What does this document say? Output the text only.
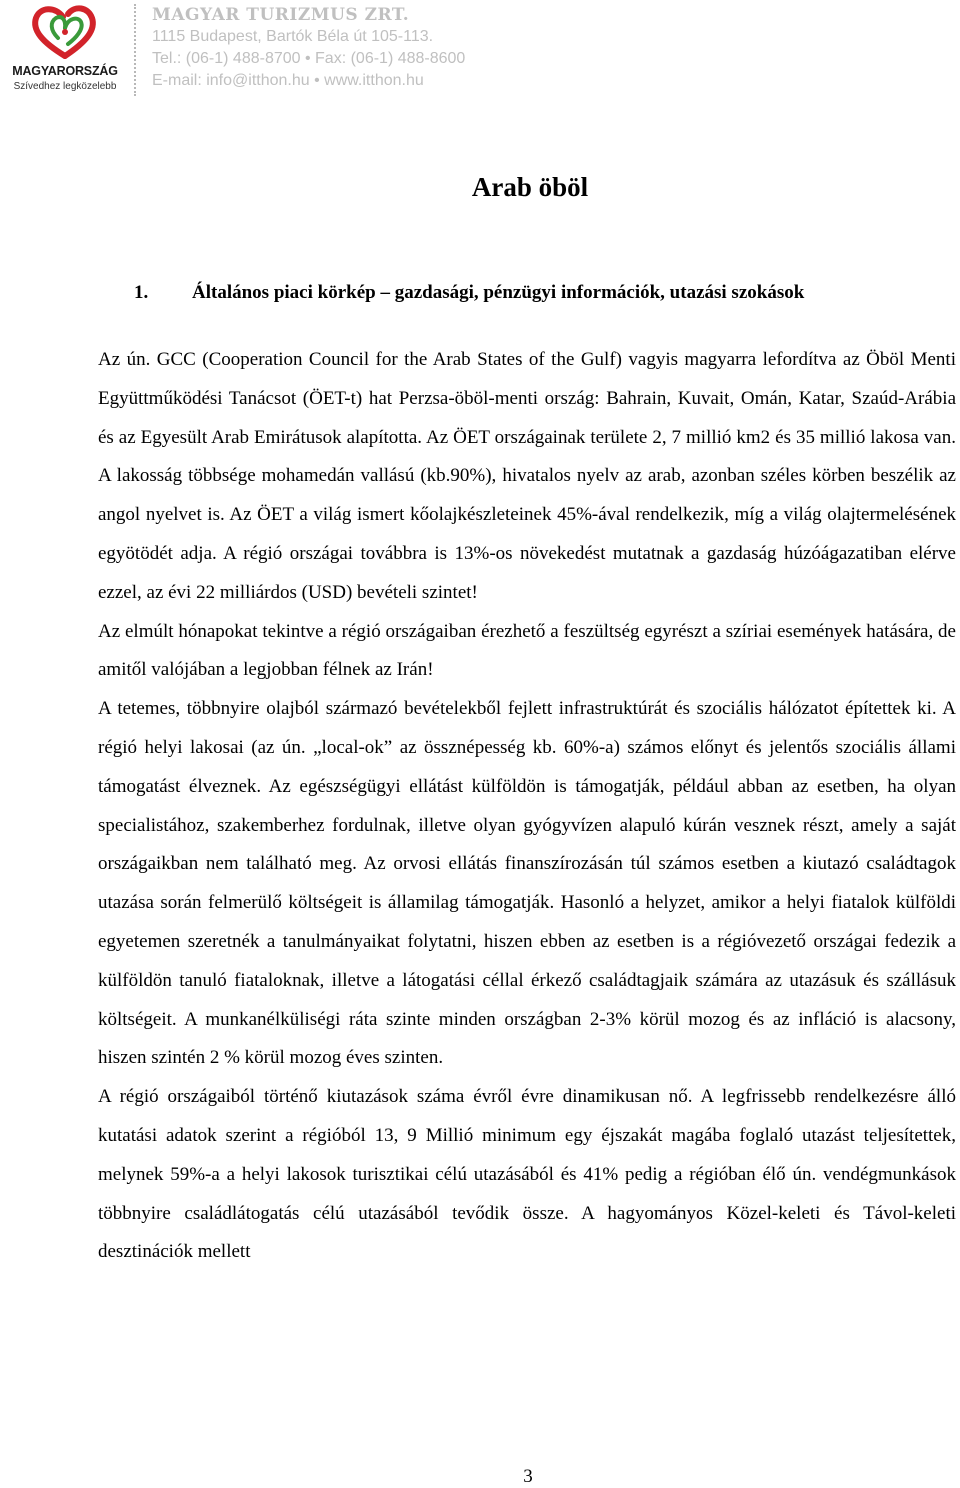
MAGYARORSZÁG
Szívedhez legközelebb
MAGYAR TURIZMUS ZRT.
1115 Budapest, Bartók Béla út 105-113.
Tel.: (06-1) 488-8700 • Fax: (06-1) 488-8600
E-mail: info@itthon.hu • www.itthon.hu
Arab öböl
1. Általános piaci körkép – gazdasági, pénzügyi információk, utazási szokások

Az ún. GCC (Cooperation Council for the Arab States of the Gulf) vagyis magyarra lefordítva az Öböl Menti Együttműködési Tanácsot (ÖET-t) hat Perzsa-öböl-menti ország: Bahrain, Kuvait, Omán, Katar, Szaúd-Arábia és az Egyesült Arab Emirátusok alapította. Az ÖET országainak területe 2, 7 millió km2 és 35 millió lakosa van. A lakosság többsége mohamedán vallású (kb.90%), hivatalos nyelv az arab, azonban széles körben beszélik az angol nyelvet is. Az ÖET a világ ismert kőolajkészleteinek 45%-ával rendelkezik, míg a világ olajtermelésének egyötödét adja. A régió országai továbbra is 13%-os növekedést mutatnak a gazdaság húzóágazatiban elérve ezzel, az évi 22 milliárdos (USD) bevételi szintet!

Az elmúlt hónapokat tekintve a régió országaiban érezhető a feszültség egyrészt a szíriai események hatására, de amitől valójában a legjobban félnek az Irán!

A tetemes, többnyire olajból származó bevételekből fejlett infrastruktúrát és szociális hálózatot építettek ki. A régió helyi lakosai (az ún. „local-ok” az össznépesség kb. 60%-a) számos előnyt és jelentős szociális állami támogatást élveznek. Az egészségügyi ellátást külföldön is támogatják, például abban az esetben, ha olyan specialistához, szakemberhez fordulnak, illetve olyan gyógyvízen alapuló kúrán vesznek részt, amely a saját országaikban nem található meg. Az orvosi ellátás finanszírozásán túl számos esetben a kiutazó családtagok utazása során felmerülő költségeit is államilag támogatják. Hasonló a helyzet, amikor a helyi fiatalok külföldi egyetemen szeretnék a tanulmányaikat folytatni, hiszen ebben az esetben is a régióvezető országai fedezik a külföldön tanuló fiataloknak, illetve a látogatási céllal érkező családtagjaik számára az utazásuk és szállásuk költségeit. A munkanélküliségi ráta szinte minden országban 2-3% körül mozog és az infláció is alacsony, hiszen szintén 2 % körül mozog éves szinten.

A régió országaiból történő kiutazások száma évről évre dinamikusan nő. A legfrissebb rendelkezésre álló kutatási adatok szerint a régióból 13, 9 Millió minimum egy éjszakát magába foglaló utazást teljesítettek, melynek 59%-a a helyi lakosok turisztikai célú utazásából és 41% pedig a régióban élő ún. vendégmunkások többnyire családlátogatás célú utazásából tevődik össze. A hagyományos Közel-keleti és Távol-keleti desztinációk mellett

3
